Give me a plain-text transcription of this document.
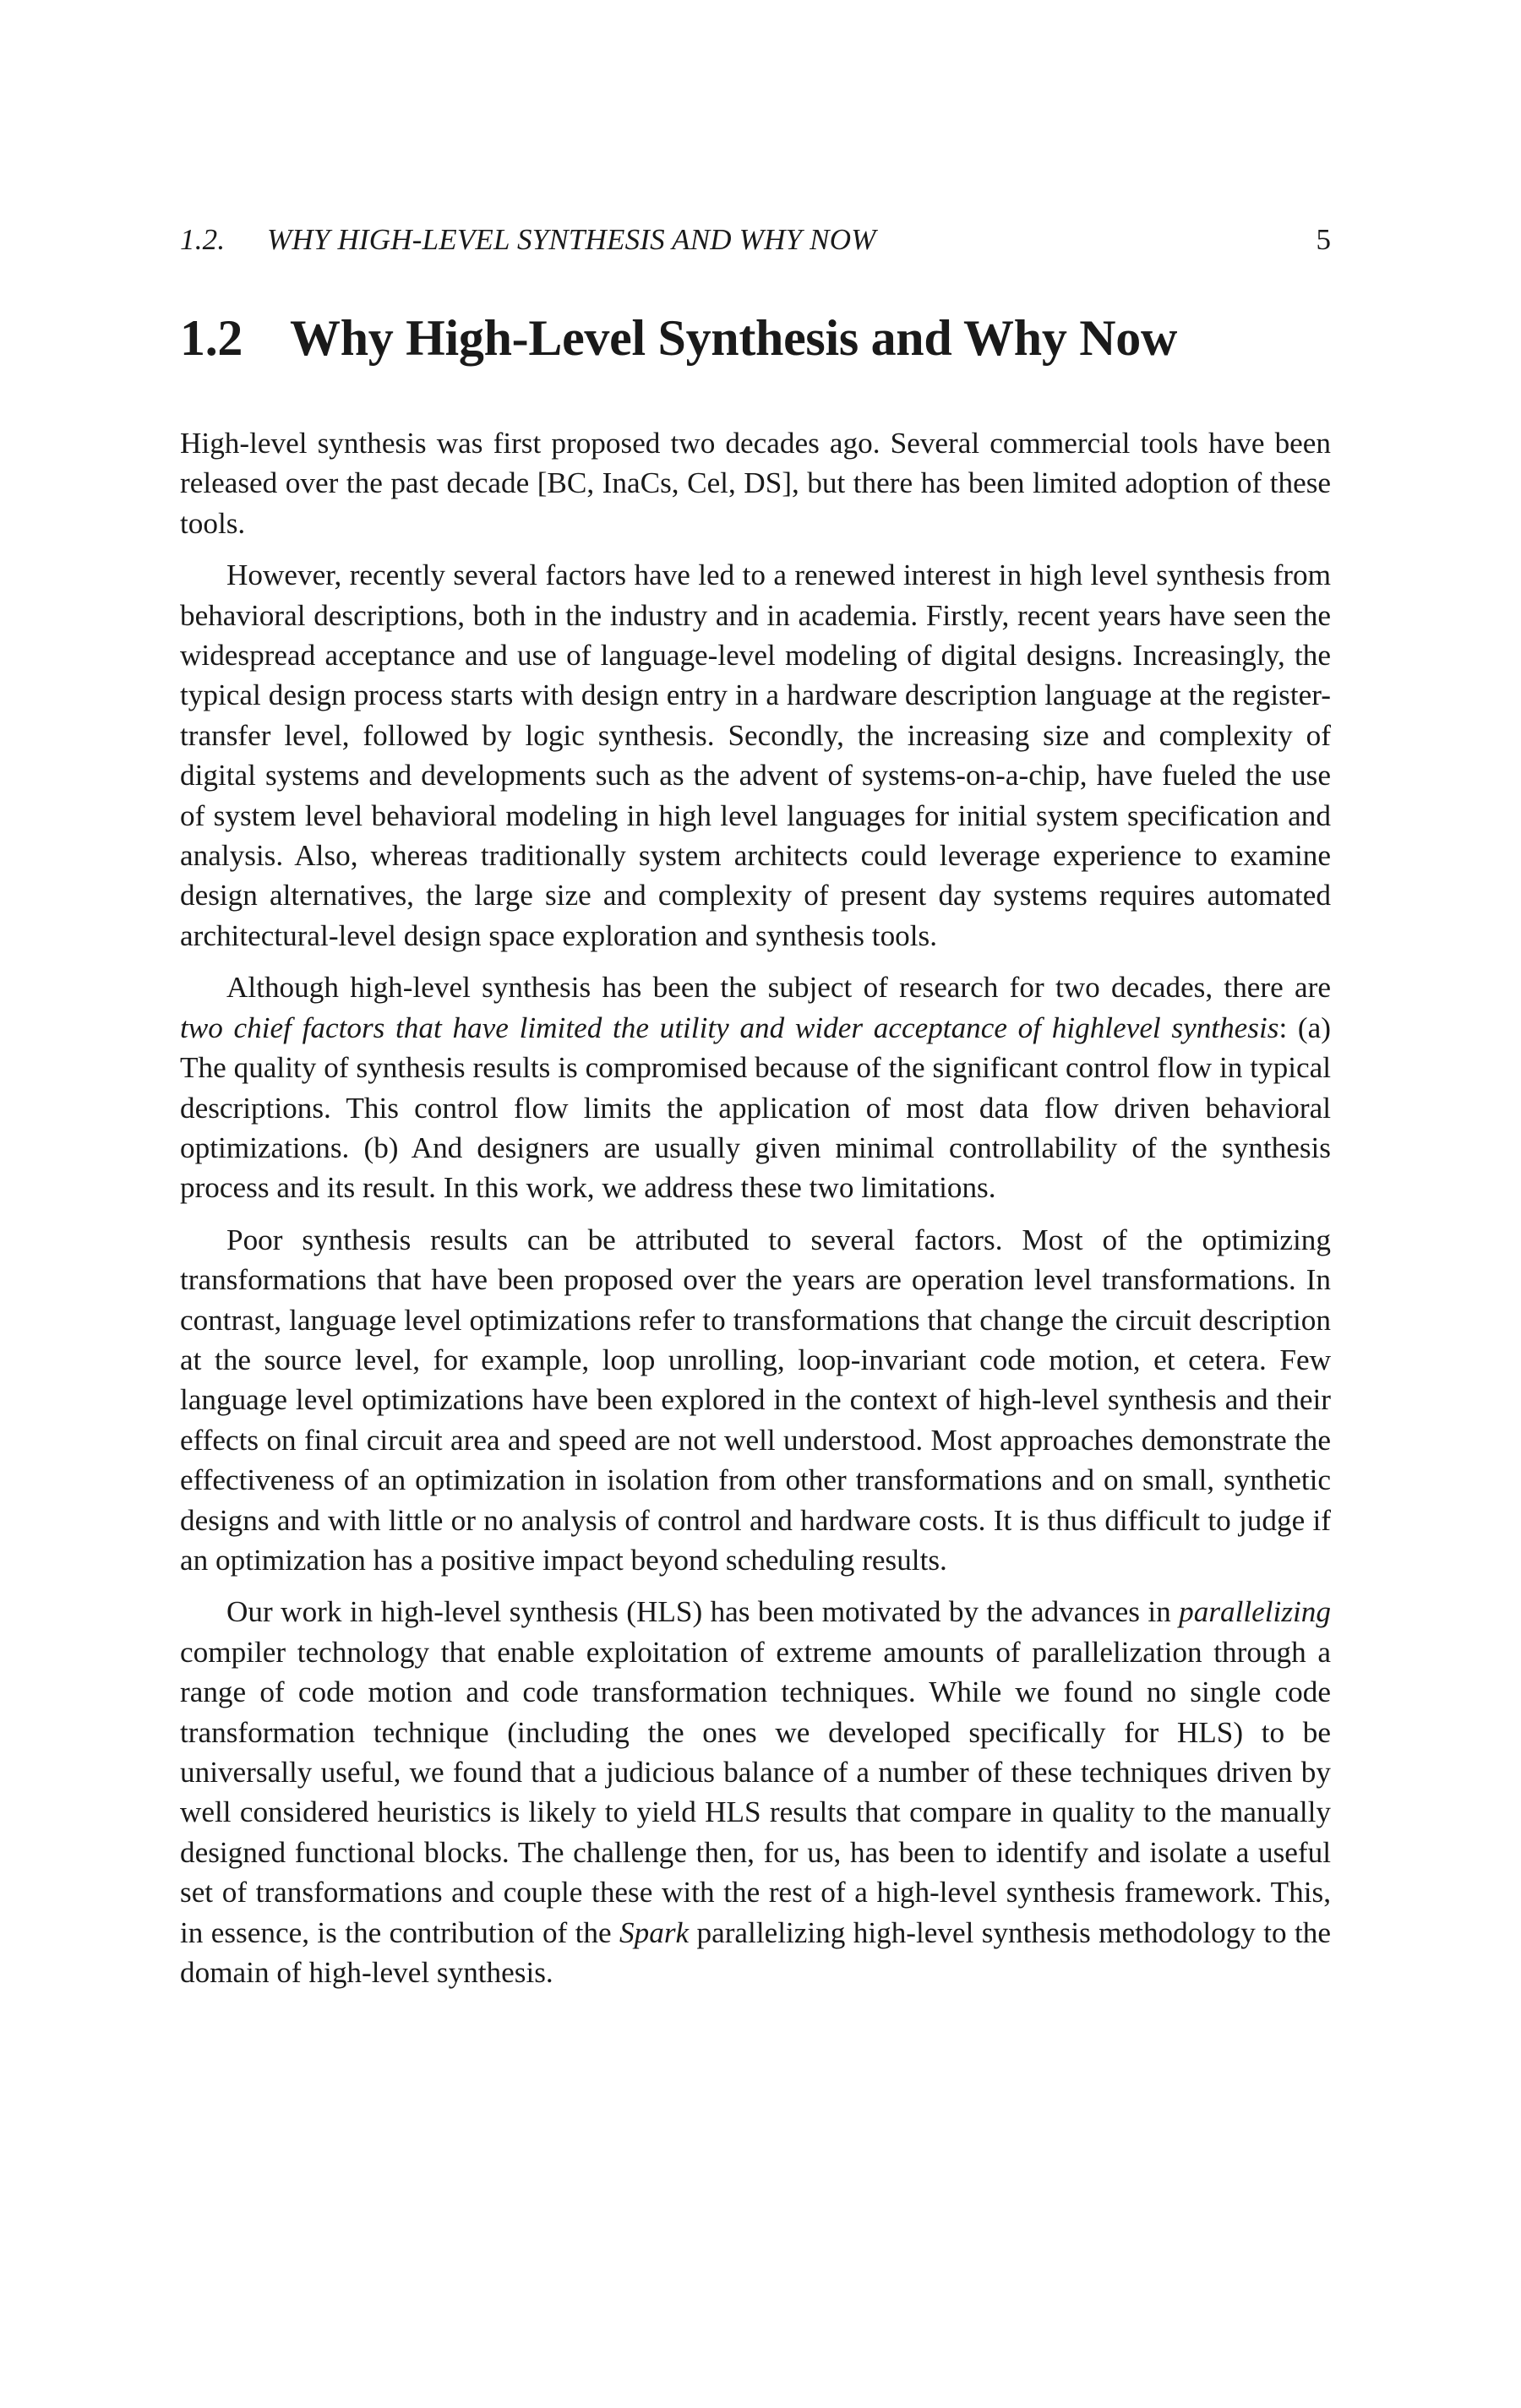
1.2. WHY HIGH-LEVEL SYNTHESIS AND WHY NOW	5
1.2 Why High-Level Synthesis and Why Now

High-level synthesis was first proposed two decades ago. Several commercial tools have been released over the past decade [BC, InaCs, Cel, DS], but there has been limited adoption of these tools.

However, recently several factors have led to a renewed interest in high level synthesis from behavioral descriptions, both in the industry and in academia. Firstly, recent years have seen the widespread acceptance and use of language-level modeling of digital designs. Increasingly, the typical design process starts with design entry in a hardware description language at the register-transfer level, followed by logic synthesis. Secondly, the increasing size and complexity of digital systems and developments such as the advent of systems-on-a-chip, have fueled the use of system level behavioral modeling in high level languages for initial system specification and analysis. Also, whereas traditionally system architects could leverage experience to examine design alternatives, the large size and complexity of present day systems requires automated architectural-level design space exploration and synthesis tools.

Although high-level synthesis has been the subject of research for two decades, there are two chief factors that have limited the utility and wider acceptance of highlevel synthesis: (a) The quality of synthesis results is compromised because of the significant control flow in typical descriptions. This control flow limits the application of most data flow driven behavioral optimizations. (b) And designers are usually given minimal controllability of the synthesis process and its result. In this work, we address these two limitations.

Poor synthesis results can be attributed to several factors. Most of the optimizing transformations that have been proposed over the years are operation level transformations. In contrast, language level optimizations refer to transformations that change the circuit description at the source level, for example, loop unrolling, loop-invariant code motion, et cetera. Few language level optimizations have been explored in the context of high-level synthesis and their effects on final circuit area and speed are not well understood. Most approaches demonstrate the effectiveness of an optimization in isolation from other transformations and on small, synthetic designs and with little or no analysis of control and hardware costs. It is thus difficult to judge if an optimization has a positive impact beyond scheduling results.

Our work in high-level synthesis (HLS) has been motivated by the advances in parallelizing compiler technology that enable exploitation of extreme amounts of parallelization through a range of code motion and code transformation techniques. While we found no single code transformation technique (including the ones we developed specifically for HLS) to be universally useful, we found that a judicious balance of a number of these techniques driven by well considered heuristics is likely to yield HLS results that compare in quality to the manually designed functional blocks. The challenge then, for us, has been to identify and isolate a useful set of transformations and couple these with the rest of a high-level synthesis framework. This, in essence, is the contribution of the Spark parallelizing high-level synthesis methodology to the domain of high-level synthesis.
